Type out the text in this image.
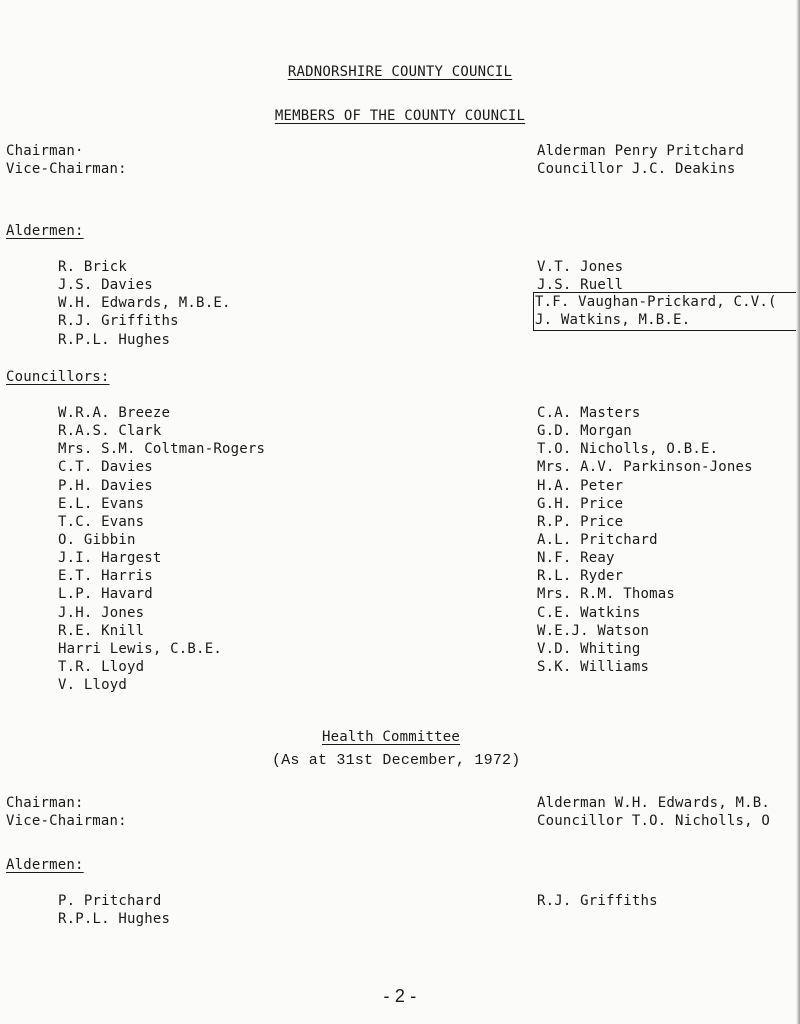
RADNORSHIRE COUNTY COUNCIL
MEMBERS OF THE COUNTY COUNCIL
Chairman·	Alderman Penry Pritchard
Vice-Chairman:	Councillor J.C. Deakins
Aldermen:
R. Brick
J.S. Davies
W.H. Edwards, M.B.E.
R.J. Griffiths
R.P.L. Hughes
V.T. Jones
J.S. Ruell
T.F. Vaughan-Prickard, C.V.(
J. Watkins, M.B.E.
Councillors:
W.R.A. Breeze
R.A.S. Clark
Mrs. S.M. Coltman-Rogers
C.T. Davies
P.H. Davies
E.L. Evans
T.C. Evans
O. Gibbin
J.I. Hargest
E.T. Harris
L.P. Havard
J.H. Jones
R.E. Knill
Harri Lewis, C.B.E.
T.R. Lloyd
V. Lloyd
C.A. Masters
G.D. Morgan
T.O. Nicholls, O.B.E.
Mrs. A.V. Parkinson-Jones
H.A. Peter
G.H. Price
R.P. Price
A.L. Pritchard
N.F. Reay
R.L. Ryder
Mrs. R.M. Thomas
C.E. Watkins
W.E.J. Watson
V.D. Whiting
S.K. Williams
Health Committee
(As at 31st December, 1972)
Chairman:	Alderman W.H. Edwards, M.B.
Vice-Chairman:	Councillor T.O. Nicholls, O
Aldermen:
P. Pritchard
R.P.L. Hughes
R.J. Griffiths
- 2 -
